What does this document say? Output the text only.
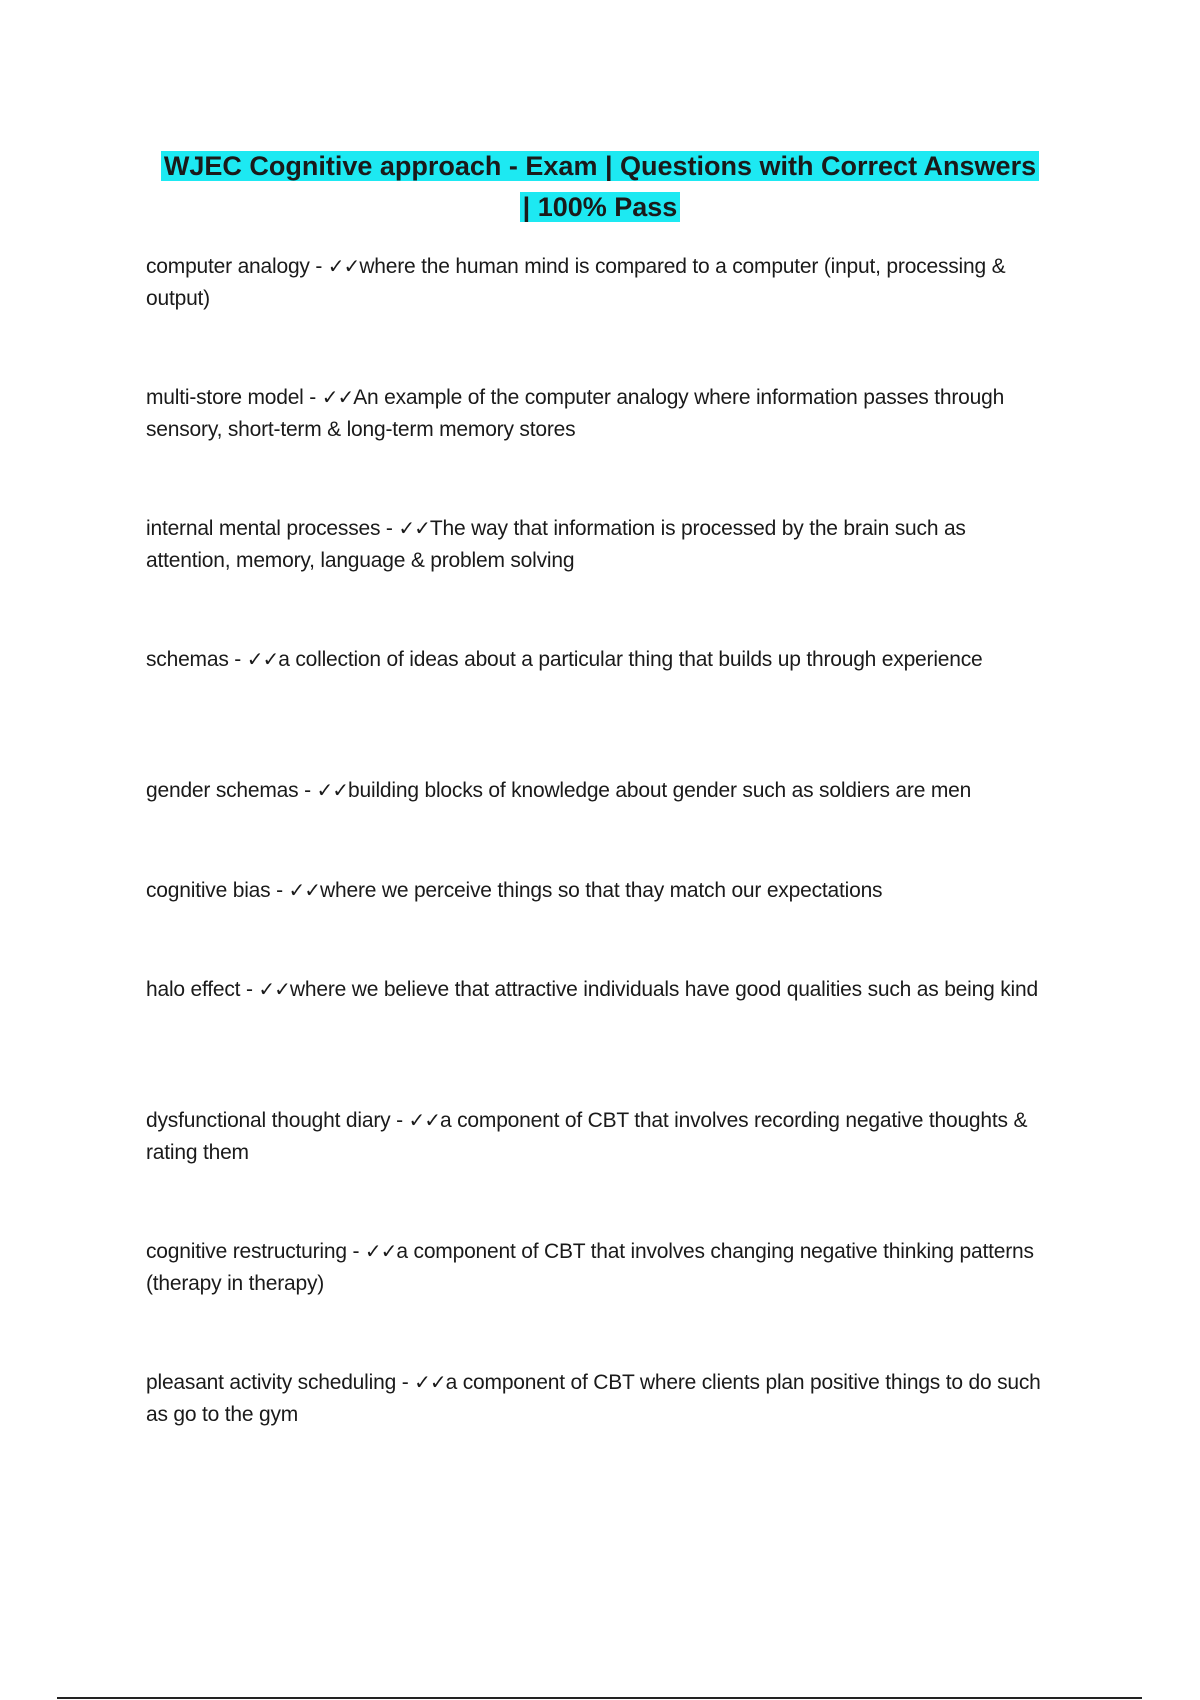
WJEC Cognitive approach - Exam | Questions with Correct Answers
| 100% Pass
computer analogy - ✓✓where the human mind is compared to a computer (input, processing & output)
multi-store model - ✓✓An example of the computer analogy where information passes through sensory, short-term & long-term memory stores
internal mental processes - ✓✓The way that information is processed by the brain such as attention, memory, language & problem solving
schemas - ✓✓a collection of ideas about a particular thing that builds up through experience
gender schemas - ✓✓building blocks of knowledge about gender such as soldiers are men
cognitive bias - ✓✓where we perceive things so that thay match our expectations
halo effect - ✓✓where we believe that attractive individuals have good qualities such as being kind
dysfunctional thought diary - ✓✓a component of CBT that involves recording negative thoughts & rating them
cognitive restructuring - ✓✓a component of CBT that involves changing negative thinking patterns (therapy in therapy)
pleasant activity scheduling - ✓✓a component of CBT where clients plan positive things to do such as go to the gym
